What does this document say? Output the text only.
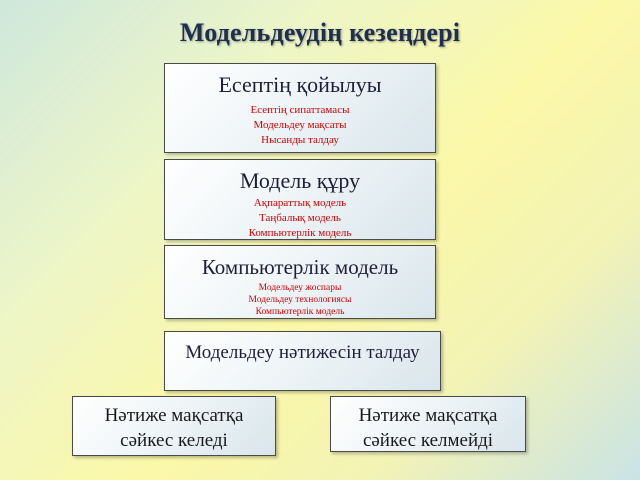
Модельдеудің кезеңдері
Есептің қойылуы
Есептің сипаттамасы
Модельдеу мақсаты
Нысанды талдау
Модель құру
Ақпараттық модель
Таңбалық модель
Компьютерлік модель
Компьютерлік модель
Модельдеу жоспары
Модельдеу технологиясы
Компьютерлік модель
Модельдеу нәтижесін талдау
Нәтиже мақсатқа
сәйкес келеді
Нәтиже мақсатқа
сәйкес келмейді
